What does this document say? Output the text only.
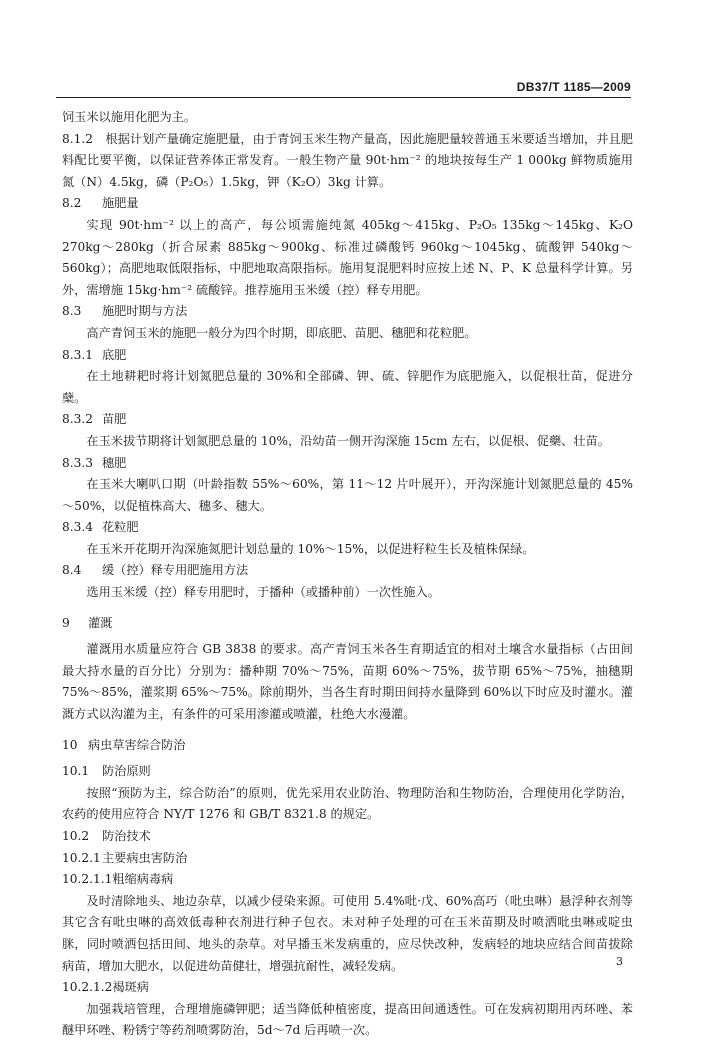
DB37/T 1185—2009
饲玉米以施用化肥为主。
8.1.2　根据计划产量确定施肥量，由于青饲玉米生物产量高，因此施肥量较普通玉米要适当增加，并且肥料配比要平衡，以保证营养体正常发育。一般生物产量 90t·hm⁻² 的地块按每生产 1 000kg 鲜物质施用氮（N）4.5kg，磷（P₂O₅）1.5kg，钾（K₂O）3kg 计算。
8.2 施肥量
实现 90t·hm⁻² 以上的高产，每公顷需施纯氮 405kg～415kg、P₂O₅ 135kg～145kg、K₂O 270kg～280kg（折合尿素 885kg～900kg、标准过磷酸钙 960kg～1045kg、硫酸钾 540kg～560kg）；高肥地取低限指标，中肥地取高限指标。施用复混肥料时应按上述 N、P、K 总量科学计算。另外，需增施 15kg·hm⁻² 硫酸锌。推荐施用玉米缓（控）释专用肥。
8.3 施肥时期与方法
高产青饲玉米的施肥一般分为四个时期，即底肥、苗肥、穗肥和花粒肥。
8.3.1 底肥
在土地耕耙时将计划氮肥总量的 30%和全部磷、钾、硫、锌肥作为底肥施入，以促根壮苗，促进分蘖。
8.3.2 苗肥
在玉米拔节期将计划氮肥总量的 10%，沿幼苗一侧开沟深施 15cm 左右，以促根、促藥、壮苗。
8.3.3 穗肥
在玉米大喇叭口期（叶龄指数 55%～60%，第 11～12 片叶展开），开沟深施计划氮肥总量的 45%～50%，以促植株高大、穗多、穗大。
8.3.4 花粒肥
在玉米开花期开沟深施氮肥计划总量的 10%～15%，以促进籽粒生长及植株保绿。
8.4 缓（控）释专用肥施用方法
选用玉米缓（控）释专用肥时，于播种（或播种前）一次性施入。
9 灌溉
灌溉用水质量应符合 GB 3838 的要求。高产青饲玉米各生育期适宜的相对土壤含水量指标（占田间最大持水量的百分比）分别为：播种期 70%～75%，苗期 60%～75%，拔节期 65%～75%，抽穗期 75%～85%，灌浆期 65%～75%。除前期外，当各生育时期田间持水量降到 60%以下时应及时灌水。灌溉方式以沟灌为主，有条件的可采用渗灌或喷灌，杜绝大水漫灌。
10 病虫草害综合防治
10.1 防治原则
按照“预防为主，综合防治”的原则，优先采用农业防治、物理防治和生物防治，合理使用化学防治，农药的使用应符合 NY/T 1276 和 GB/T 8321.8 的规定。
10.2 防治技术
10.2.1主要病虫害防治
10.2.1.1粗缩病毒病
及时清除地头、地边杂草，以减少侵染来源。可使用 5.4%吡·戊、60%高巧（吡虫啉）悬浮种衣剂等其它含有吡虫啉的高效低毒种衣剂进行种子包衣。未对种子处理的可在玉米苗期及时喷洒吡虫啉或啶虫脒，同时喷洒包括田间、地头的杂草。对早播玉米发病重的，应尽快改种，发病轻的地块应结合间苗拔除病苗，增加大肥水，以促进幼苗健壮，增强抗耐性，减轻发病。
10.2.1.2褐斑病
加强栽培管理，合理增施磷钾肥；适当降低种植密度，提高田间通透性。可在发病初期用丙环唑、苯醚甲环唑、粉锈宁等药剂喷雾防治，5d～7d 后再喷一次。
3
